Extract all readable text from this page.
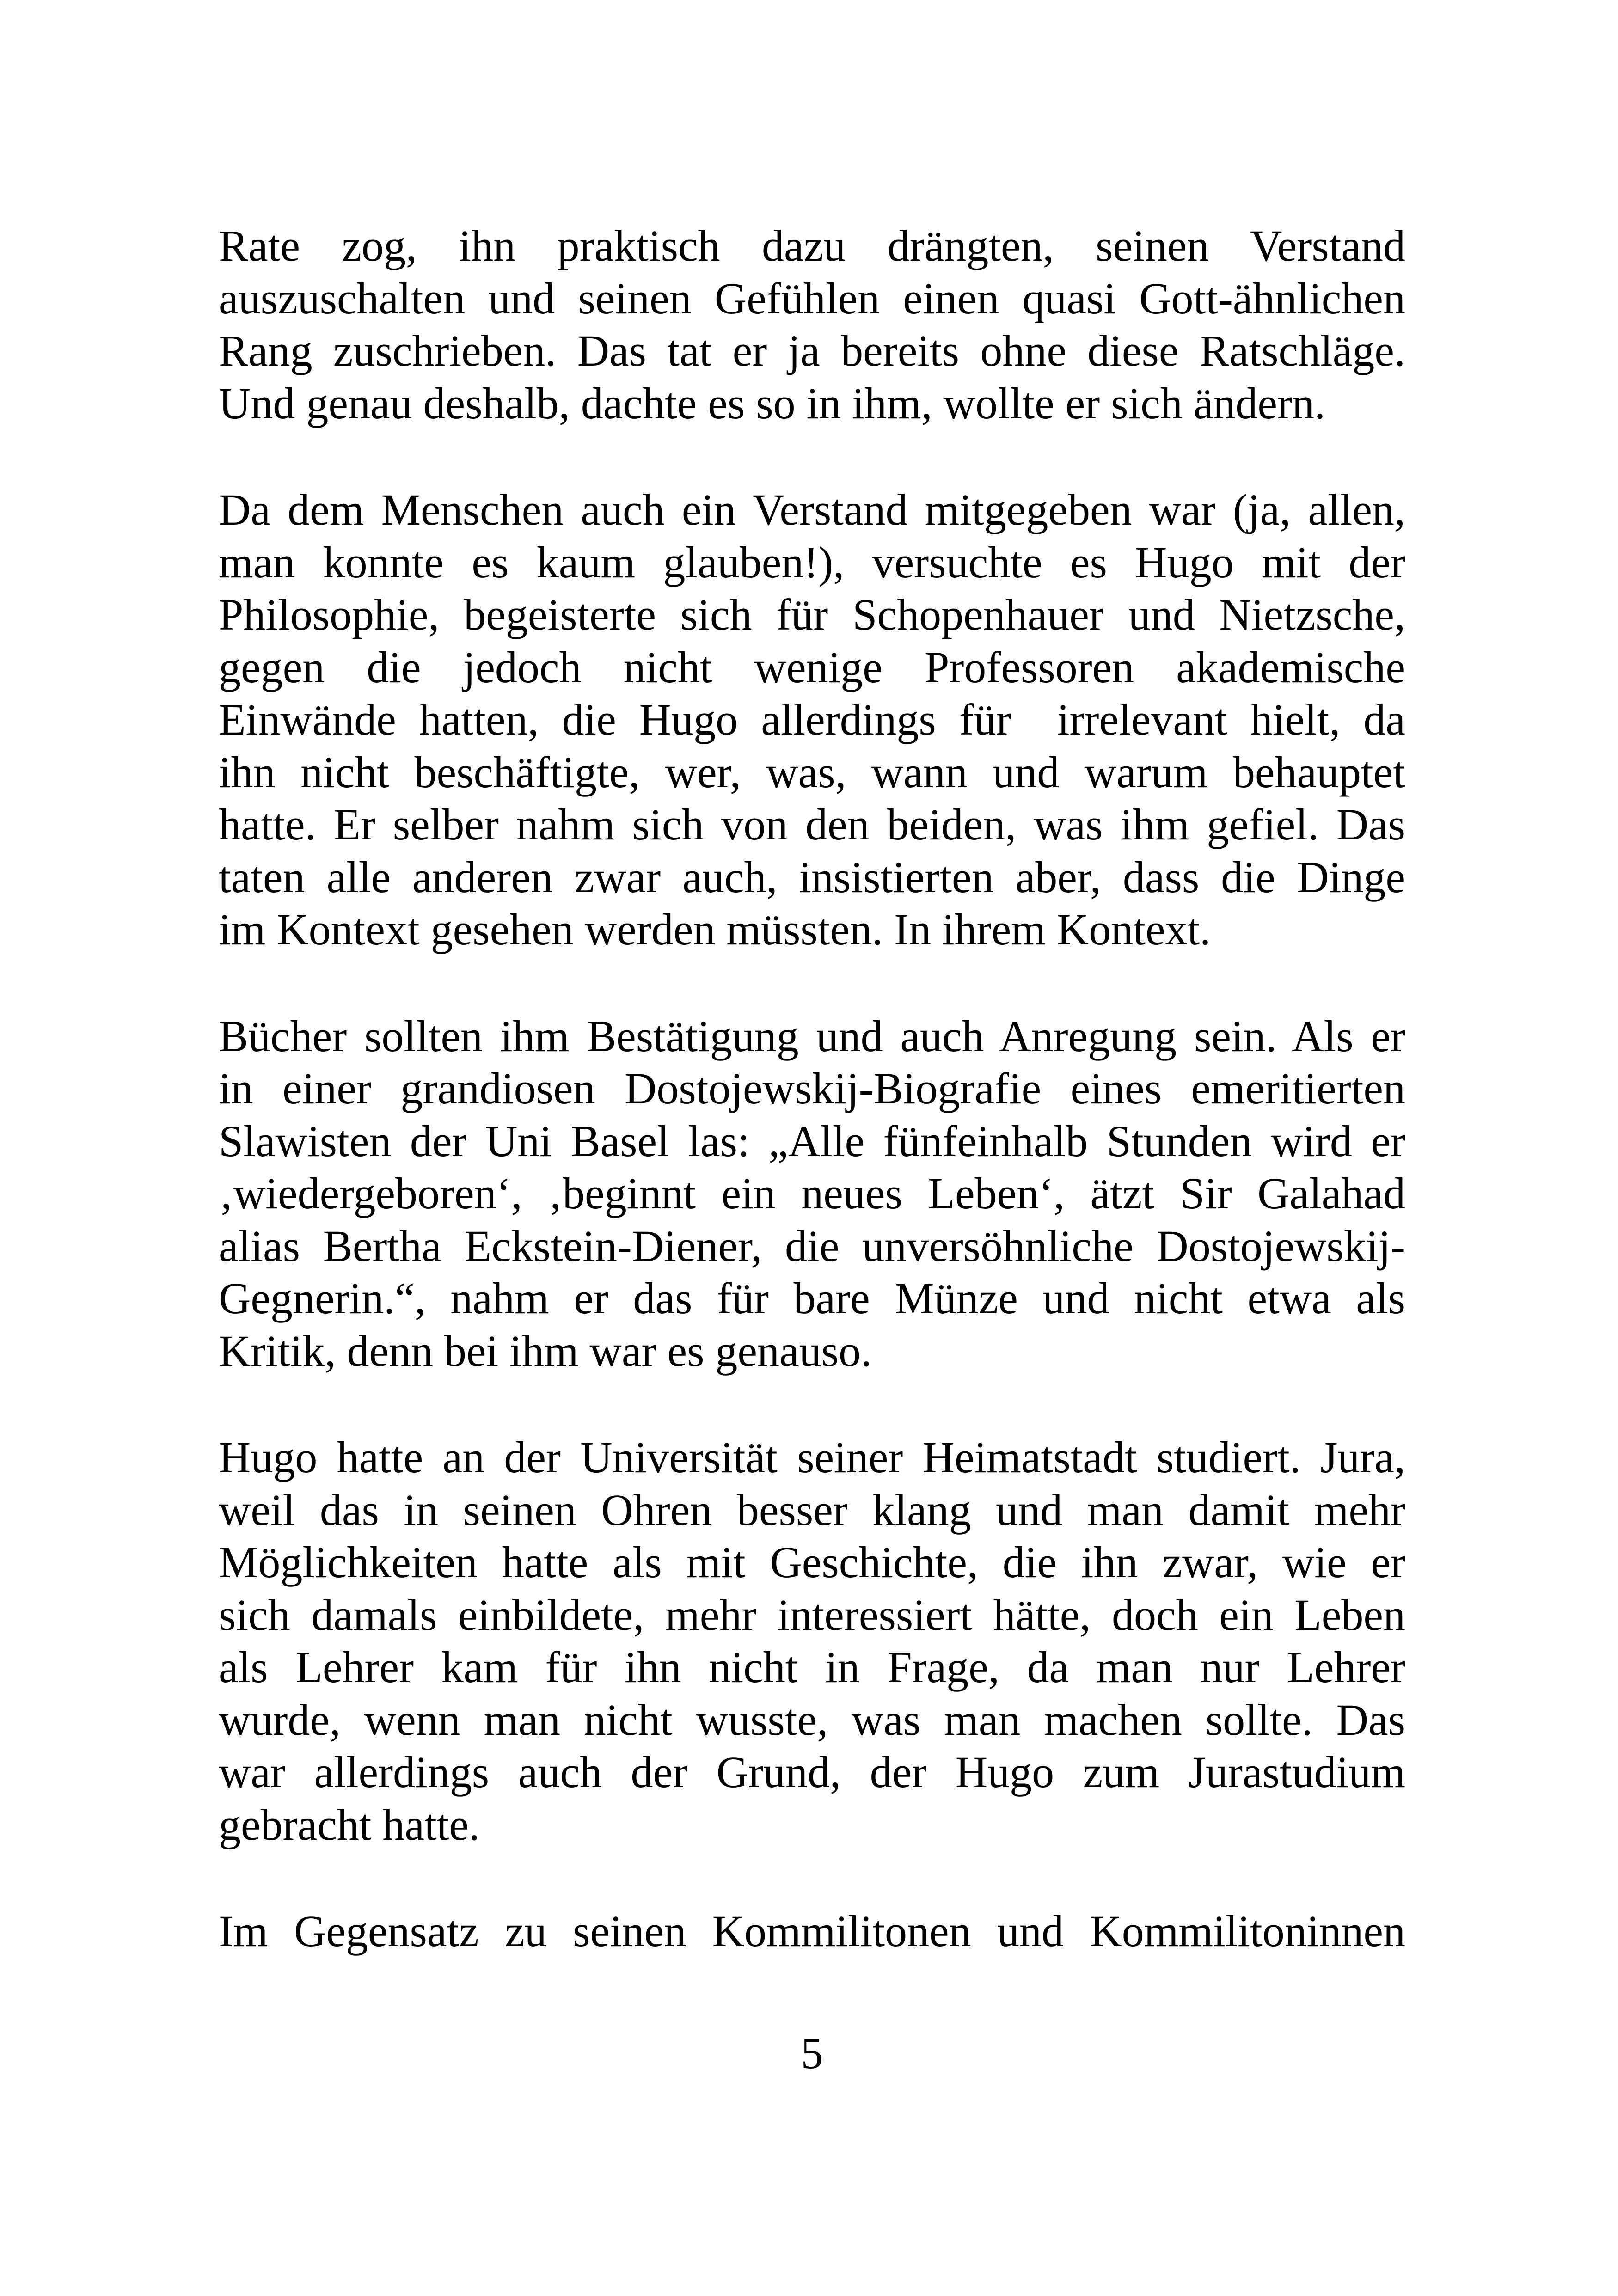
Rate zog, ihn praktisch dazu drängten, seinen Verstand
auszuschalten und seinen Gefühlen einen quasi Gott-ähnlichen
Rang zuschrieben. Das tat er ja bereits ohne diese Ratschläge.
Und genau deshalb, dachte es so in ihm, wollte er sich ändern.

Da dem Menschen auch ein Verstand mitgegeben war (ja, allen,
man konnte es kaum glauben!), versuchte es Hugo mit der
Philosophie, begeisterte sich für Schopenhauer und Nietzsche,
gegen die jedoch nicht wenige Professoren akademische
Einwände hatten, die Hugo allerdings für  irrelevant hielt, da
ihn nicht beschäftigte, wer, was, wann und warum behauptet
hatte. Er selber nahm sich von den beiden, was ihm gefiel. Das
taten alle anderen zwar auch, insistierten aber, dass die Dinge
im Kontext gesehen werden müssten. In ihrem Kontext.

Bücher sollten ihm Bestätigung und auch Anregung sein. Als er
in einer grandiosen Dostojewskij-Biografie eines emeritierten
Slawisten der Uni Basel las: „Alle fünfeinhalb Stunden wird er
‚wiedergeboren‘, ‚beginnt ein neues Leben‘, ätzt Sir Galahad
alias Bertha Eckstein-Diener, die unversöhnliche Dostojewskij-
Gegnerin.“, nahm er das für bare Münze und nicht etwa als
Kritik, denn bei ihm war es genauso.

Hugo hatte an der Universität seiner Heimatstadt studiert. Jura,
weil das in seinen Ohren besser klang und man damit mehr
Möglichkeiten hatte als mit Geschichte, die ihn zwar, wie er
sich damals einbildete, mehr interessiert hätte, doch ein Leben
als Lehrer kam für ihn nicht in Frage, da man nur Lehrer
wurde, wenn man nicht wusste, was man machen sollte. Das
war allerdings auch der Grund, der Hugo zum Jurastudium
gebracht hatte.

Im Gegensatz zu seinen Kommilitonen und Kommilitoninnen

5
